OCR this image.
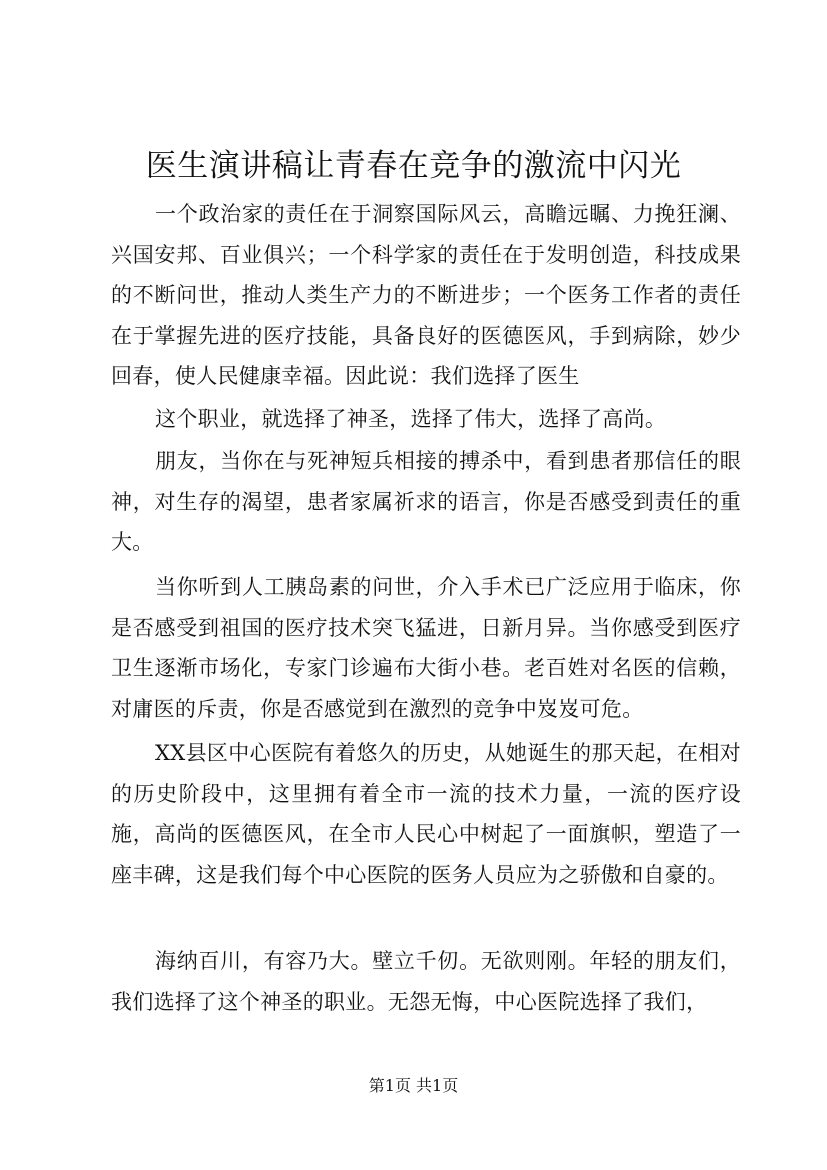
医生演讲稿让青春在竞争的激流中闪光

一个政治家的责任在于洞察国际风云，高瞻远瞩、力挽狂澜、兴国安邦、百业俱兴；一个科学家的责任在于发明创造，科技成果的不断问世，推动人类生产力的不断进步；一个医务工作者的责任在于掌握先进的医疗技能，具备良好的医德医风，手到病除，妙少回春，使人民健康幸福。因此说：我们选择了医生

这个职业，就选择了神圣，选择了伟大，选择了高尚。

朋友，当你在与死神短兵相接的搏杀中，看到患者那信任的眼神，对生存的渴望，患者家属祈求的语言，你是否感受到责任的重大。

当你听到人工胰岛素的问世，介入手术已广泛应用于临床，你是否感受到祖国的医疗技术突飞猛进，日新月异。当你感受到医疗卫生逐渐市场化，专家门诊遍布大街小巷。老百姓对名医的信赖，对庸医的斥责，你是否感觉到在激烈的竞争中岌岌可危。

XX县区中心医院有着悠久的历史，从她诞生的那天起，在相对的历史阶段中，这里拥有着全市一流的技术力量，一流的医疗设施，高尚的医德医风，在全市人民心中树起了一面旗帜，塑造了一座丰碑，这是我们每个中心医院的医务人员应为之骄傲和自豪的。

海纳百川，有容乃大。壁立千仞。无欲则刚。年轻的朋友们，我们选择了这个神圣的职业。无怨无悔，中心医院选择了我们，

第1页 共1页
